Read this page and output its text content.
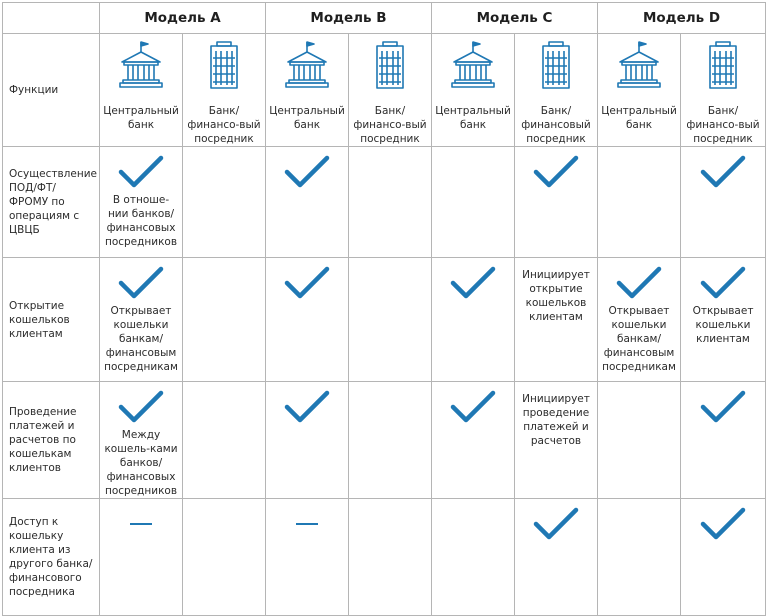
	Модель А		Модель В		Модель С		Модель D	
Функции	Центральный банк	Банк/финансо-вый посредник	Центральный банк	Банк/финансо-вый посредник	Центральный банк	Банк/финансовый посредник	Центральный банк	Банк/финансо-вый посредник

Осуществление ПОД/ФТ/ФРОМУ по операциям с ЦВЦБ	В отноше-нии банков/ финансовых посредников

Открытие кошельков клиентам	Открывает кошельки банкам/ финансовым посредникам					Инициирует открытие кошельков клиентам	Открывает кошельки банкам/ финансовым посредникам	Открывает кошельки клиентам

Проведение платежей и расчетов по кошелькам клиентов	Между кошель-ками банков/ финансовых посредников					Инициирует проведение платежей и расчетов

Доступ к кошельку клиента из другого банка/ финансового посредника	
